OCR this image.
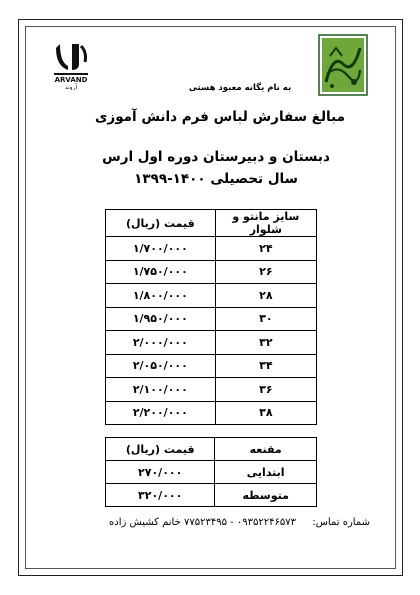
ARVAND
آروند	به نام یگانه معبود هستی
مبالغ سفارش لباس فرم دانش آموزی
دبستان و دبیرستان دوره اول ارس
سال تحصیلی ۱۴۰۰-۱۳۹۹
سایز مانتو و شلوار	قیمت (ریال)
۲۴	۱/۷۰۰/۰۰۰
۲۶	۱/۷۵۰/۰۰۰
۲۸	۱/۸۰۰/۰۰۰
۳۰	۱/۹۵۰/۰۰۰
۳۲	۲/۰۰۰/۰۰۰
۳۴	۲/۰۵۰/۰۰۰
۳۶	۲/۱۰۰/۰۰۰
۳۸	۲/۲۰۰/۰۰۰
مقنعه	قیمت (ریال)
ابتدایی	۲۷۰/۰۰۰
متوسطه	۳۲۰/۰۰۰
شماره تماس:
۰۹۳۵۲۲۴۶۵۷۳ - ۷۷۵۲۳۴۹۵ خانم کشیش زاده
